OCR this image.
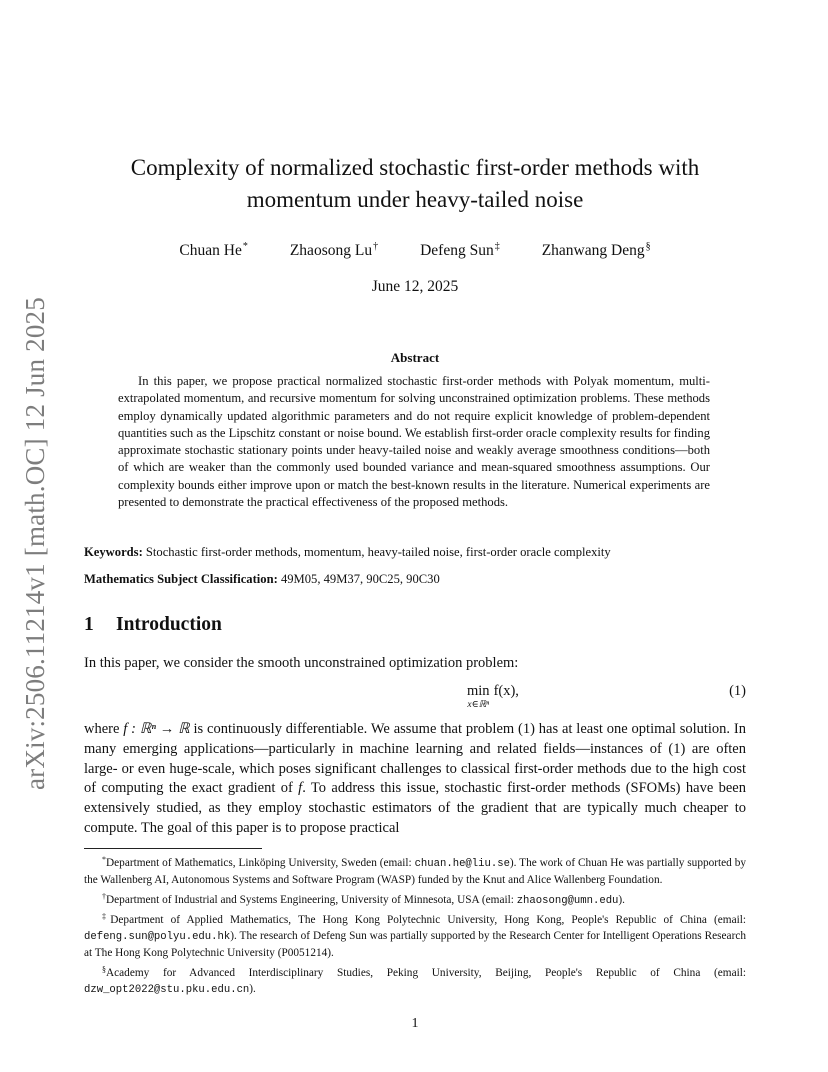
arXiv:2506.11214v1 [math.OC] 12 Jun 2025
Complexity of normalized stochastic first-order methods with
momentum under heavy-tailed noise
Chuan He*	Zhaosong Lu†	Defeng Sun‡	Zhanwang Deng§
June 12, 2025
Abstract

In this paper, we propose practical normalized stochastic first-order methods with Polyak momentum, multi-extrapolated momentum, and recursive momentum for solving unconstrained optimization problems. These methods employ dynamically updated algorithmic parameters and do not require explicit knowledge of problem-dependent quantities such as the Lipschitz constant or noise bound. We establish first-order oracle complexity results for finding approximate stochastic stationary points under heavy-tailed noise and weakly average smoothness conditions—both of which are weaker than the commonly used bounded variance and mean-squared smoothness assumptions. Our complexity bounds either improve upon or match the best-known results in the literature. Numerical experiments are presented to demonstrate the practical effectiveness of the proposed methods.

Keywords: Stochastic first-order methods, momentum, heavy-tailed noise, first-order oracle complexity
Mathematics Subject Classification: 49M05, 49M37, 90C25, 90C30
1 Introduction

In this paper, we consider the smooth unconstrained optimization problem:

min
x∈ℝⁿ
f(x),	(1)

where f : ℝⁿ → ℝ is continuously differentiable. We assume that problem (1) has at least one optimal solution. In many emerging applications—particularly in machine learning and related fields—instances of (1) are often large- or even huge-scale, which poses significant challenges to classical first-order methods due to the high cost of computing the exact gradient of f. To address this issue, stochastic first-order methods (SFOMs) have been extensively studied, as they employ stochastic estimators of the gradient that are typically much cheaper to compute. The goal of this paper is to propose practical

*Department of Mathematics, Linköping University, Sweden (email: chuan.he@liu.se). The work of Chuan He was partially supported by the Wallenberg AI, Autonomous Systems and Software Program (WASP) funded by the Knut and Alice Wallenberg Foundation.

†Department of Industrial and Systems Engineering, University of Minnesota, USA (email: zhaosong@umn.edu).

‡Department of Applied Mathematics, The Hong Kong Polytechnic University, Hong Kong, People's Republic of China (email: defeng.sun@polyu.edu.hk). The research of Defeng Sun was partially supported by the Research Center for Intelligent Operations Research at The Hong Kong Polytechnic University (P0051214).

§Academy for Advanced Interdisciplinary Studies, Peking University, Beijing, People's Republic of China (email: dzw_opt2022@stu.pku.edu.cn).

1
